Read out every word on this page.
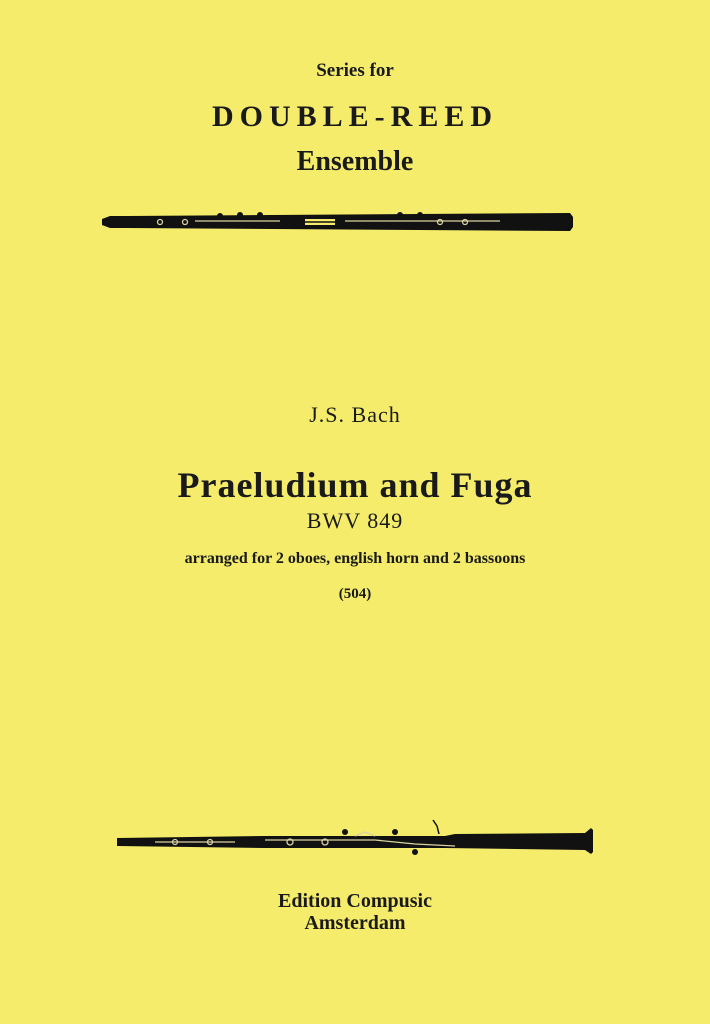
Series for

DOUBLE-REED

Ensemble

J.S. Bach

Praeludium and Fuga

BWV 849

arranged for 2 oboes, english horn and 2 bassoons

(504)

Edition Compusic
Amsterdam
